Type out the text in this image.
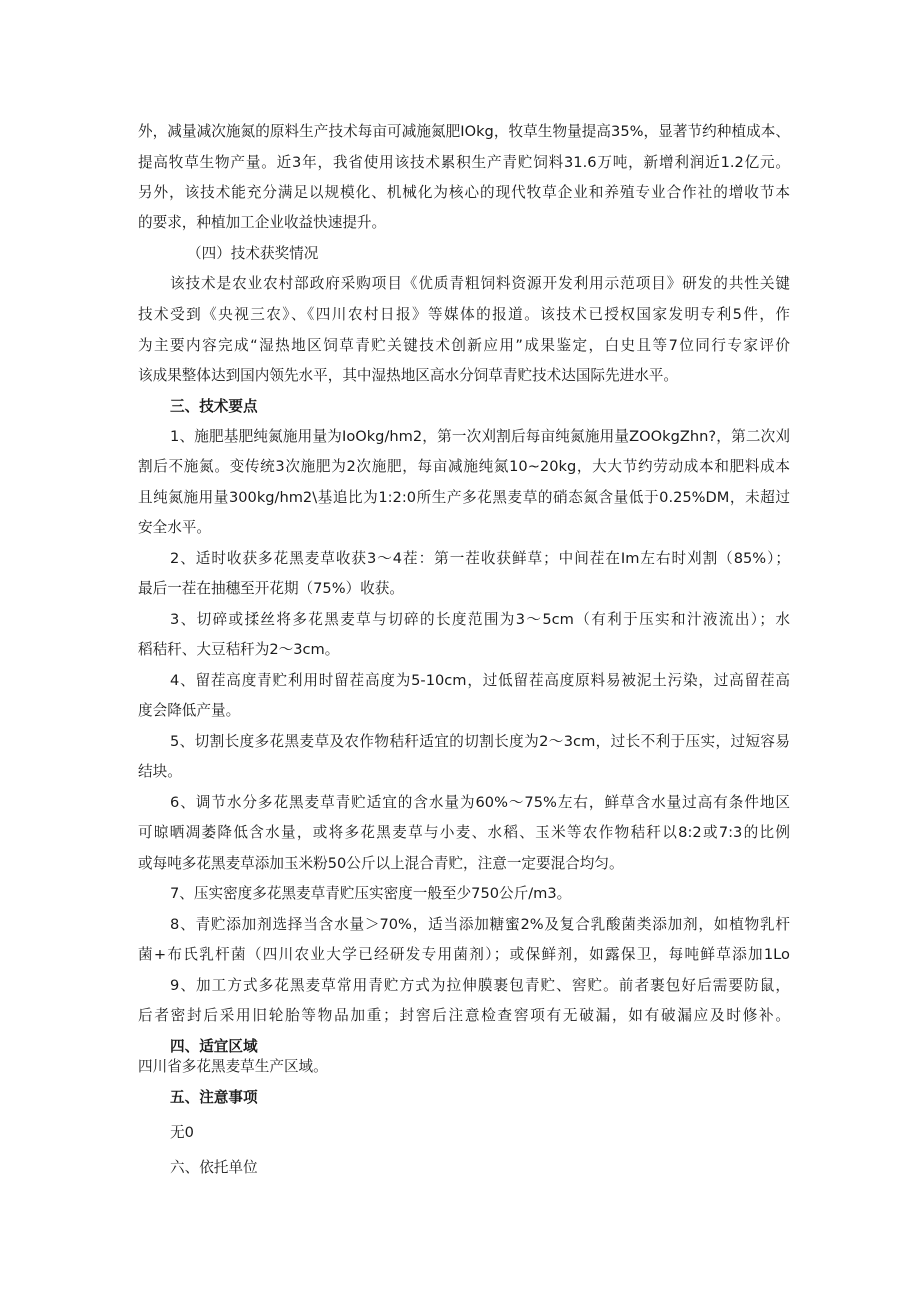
外，减量减次施氮的原料生产技术每亩可减施氮肥IOkg，牧草生物量提高35%，显著节约种植成本、
提高牧草生物产量。近3年，我省使用该技术累积生产青贮饲料31.6万吨，新增利润近1.2亿元。
另外，该技术能充分满足以规模化、机械化为核心的现代牧草企业和养殖专业合作社的增收节本
的要求，种植加工企业收益快速提升。
（四）技术获奖情况
该技术是农业农村部政府采购项目《优质青粗饲料资源开发利用示范项目》研发的共性关键
技术受到《央视三农》、《四川农村日报》等媒体的报道。该技术已授权国家发明专利5件，作
为主要内容完成“湿热地区饲草青贮关键技术创新应用”成果鉴定，白史且等7位同行专家评价
该成果整体达到国内领先水平，其中湿热地区高水分饲草青贮技术达国际先进水平。
三、技术要点
1、施肥基肥纯氮施用量为IoOkg/hm2，第一次刈割后每亩纯氮施用量ZOOkgZhn?，第二次刈
割后不施氮。变传统3次施肥为2次施肥，每亩减施纯氮10~20kg，大大节约劳动成本和肥料成本
且纯氮施用量300kg/hm2\基追比为1:2:0所生产多花黑麦草的硝态氮含量低于0.25%DM，未超过
安全水平。
2、适时收获多花黑麦草收获3～4茬：第一茬收获鲜草；中间茬在Im左右时刈割（85%）；
最后一茬在抽穗至开花期（75%）收获。
3、切碎或揉丝将多花黑麦草与切碎的长度范围为3～5cm（有利于压实和汁液流出）；水
稻秸秆、大豆秸秆为2～3cm。
4、留茬高度青贮利用时留茬高度为5-10cm，过低留茬高度原料易被泥土污染，过高留茬高
度会降低产量。
5、切割长度多花黑麦草及农作物秸秆适宜的切割长度为2～3cm，过长不利于压实，过短容易
结块。
6、调节水分多花黑麦草青贮适宜的含水量为60%～75%左右，鲜草含水量过高有条件地区
可晾晒凋萎降低含水量，或将多花黑麦草与小麦、水稻、玉米等农作物秸秆以8:2或7:3的比例
或每吨多花黑麦草添加玉米粉50公斤以上混合青贮，注意一定要混合均匀。
7、压实密度多花黑麦草青贮压实密度一般至少750公斤/m3。
8、青贮添加剂选择当含水量＞70%，适当添加糖蜜2%及复合乳酸菌类添加剂，如植物乳杆
菌+布氏乳杆菌（四川农业大学已经研发专用菌剂）；或保鲜剂，如露保卫，每吨鲜草添加1Lo
9、加工方式多花黑麦草常用青贮方式为拉伸膜裹包青贮、窖贮。前者裹包好后需要防鼠，
后者密封后采用旧轮胎等物品加重；封窖后注意检查窖项有无破漏，如有破漏应及时修补。
四、适宜区域
四川省多花黑麦草生产区域。
五、注意事项
无0
六、依托单位
